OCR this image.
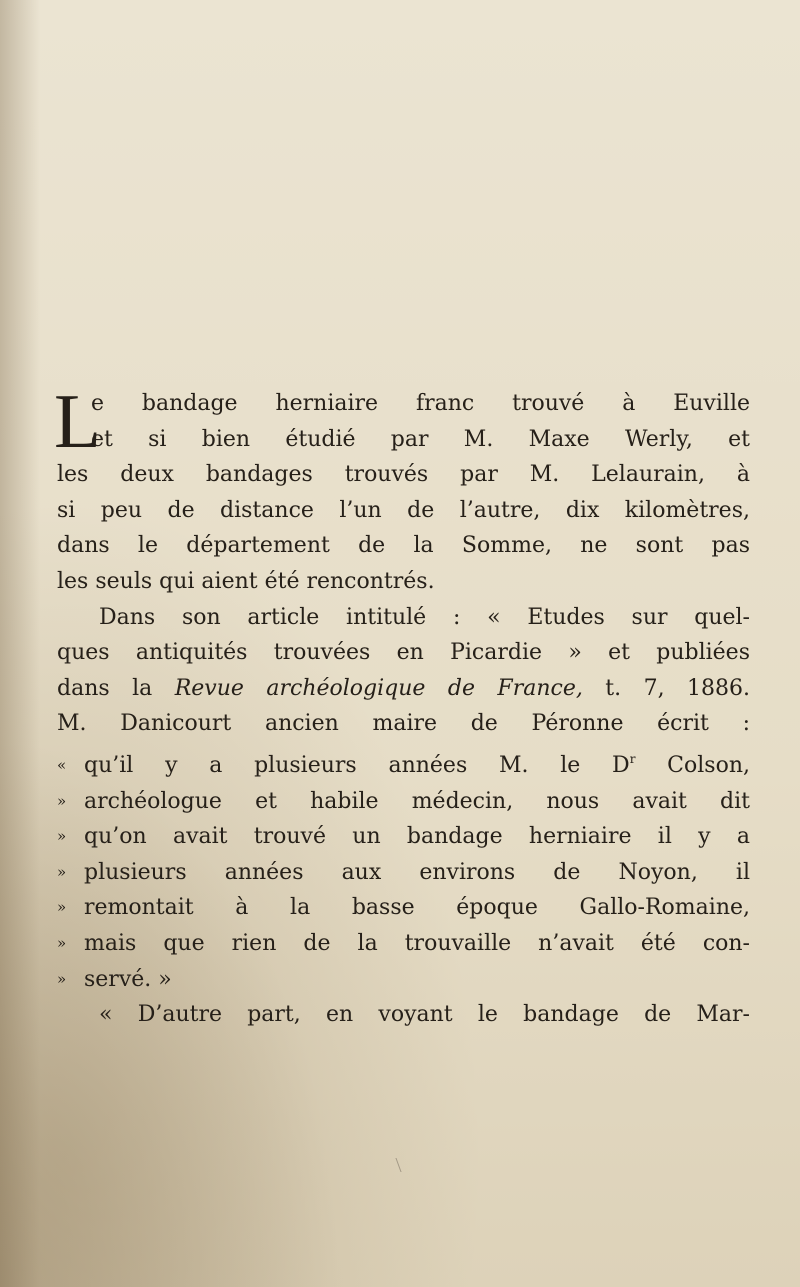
L
e bandage herniaire franc trouvé à Euville
et si bien étudié par M. Maxe Werly, et
les deux bandages trouvés par M. Lelaurain, à
si peu de distance l’un de l’autre, dix kilomètres,
dans le département de la Somme, ne sont pas
les seuls qui aient été rencontrés.
Dans son article intitulé : « Etudes sur quel-
ques antiquités trouvées en Picardie » et publiées
dans la Revue archéologique de France, t. 7, 1886.
M. Danicourt ancien maire de Péronne écrit :
« qu’il y a plusieurs années M. le $D^r$ Colson,
» archéologue et habile médecin, nous avait dit
» qu’on avait trouvé un bandage herniaire il y a
» plusieurs années aux environs de Noyon, il
» remontait à la basse époque Gallo-Romaine,
» mais que rien de la trouvaille n’avait été con-
» servé. »
« D’autre part, en voyant le bandage de Mar-
